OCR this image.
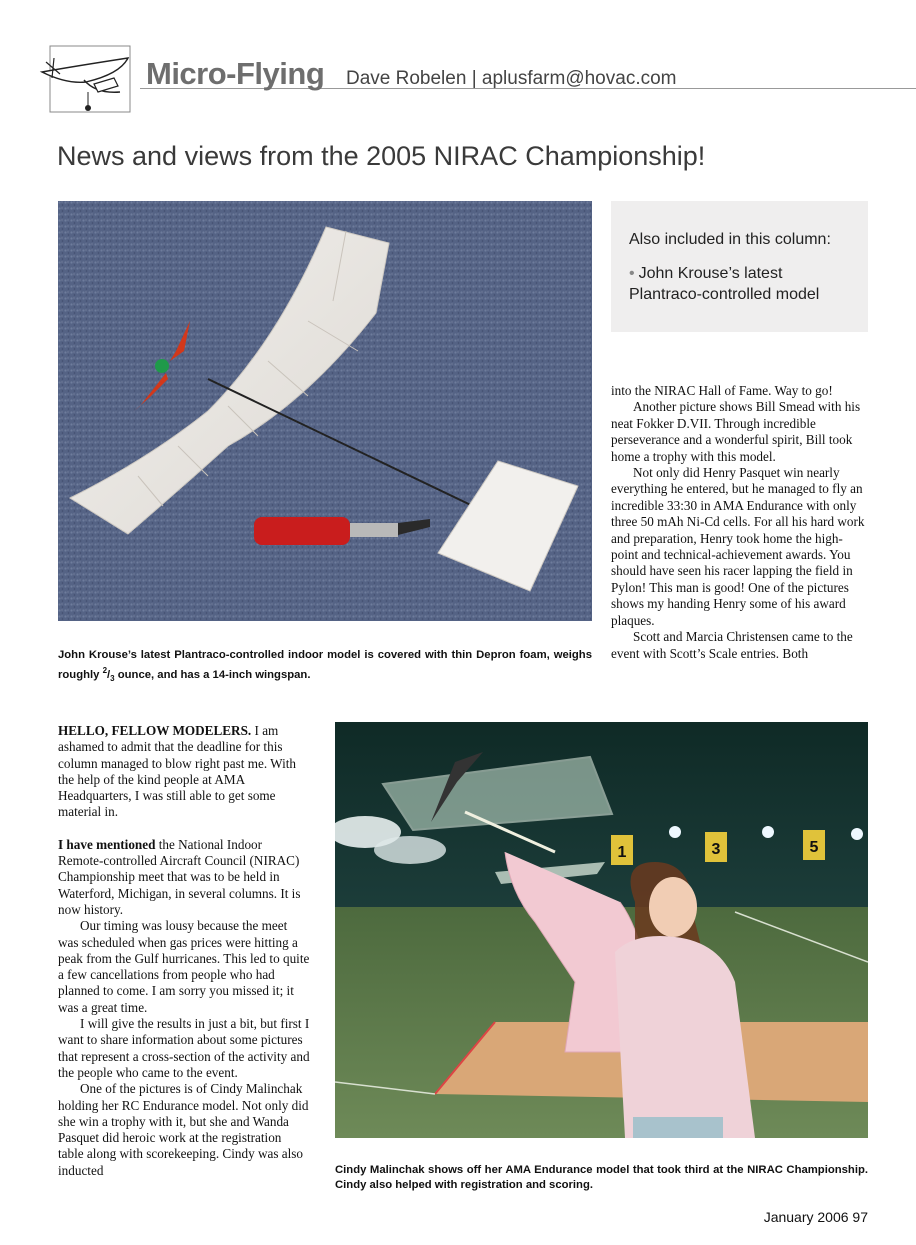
Micro-Flying Dave Robelen | aplusfarm@hovac.com
News and views from the 2005 NIRAC Championship!
John Krouse’s latest Plantraco-controlled indoor model is covered with thin Depron foam, weighs roughly $^2/_3$ ounce, and has a 14-inch wingspan.
Also included in this column:
• John Krouse’s latest Plantraco-controlled model

into the NIRAC Hall of Fame. Way to go!

Another picture shows Bill Smead with his neat Fokker D.VII. Through incredible perseverance and a wonderful spirit, Bill took home a trophy with this model.

Not only did Henry Pasquet win nearly everything he entered, but he managed to fly an incredible 33:30 in AMA Endurance with only three 50 mAh Ni-Cd cells. For all his hard work and preparation, Henry took home the high-point and technical-achievement awards. You should have seen his racer lapping the field in Pylon! This man is good! One of the pictures shows my handing Henry some of his award plaques.

Scott and Marcia Christensen came to the event with Scott’s Scale entries. Both

HELLO, FELLOW MODELERS. I am ashamed to admit that the deadline for this column managed to blow right past me. With the help of the kind people at AMA Headquarters, I was still able to get some material in.

I have mentioned the National Indoor Remote-controlled Aircraft Council (NIRAC) Championship meet that was to be held in Waterford, Michigan, in several columns. It is now history.

Our timing was lousy because the meet was scheduled when gas prices were hitting a peak from the Gulf hurricanes. This led to quite a few cancellations from people who had planned to come. I am sorry you missed it; it was a great time.

I will give the results in just a bit, but first I want to share information about some pictures that represent a cross-section of the activity and the people who came to the event.

One of the pictures is of Cindy Malinchak holding her RC Endurance model. Not only did she win a trophy with it, but she and Wanda Pasquet did heroic work at the registration table along with scorekeeping. Cindy was also inducted

1	3	5
Cindy Malinchak shows off her AMA Endurance model that took third at the NIRAC Championship. Cindy also helped with registration and scoring.
January 2006 97
